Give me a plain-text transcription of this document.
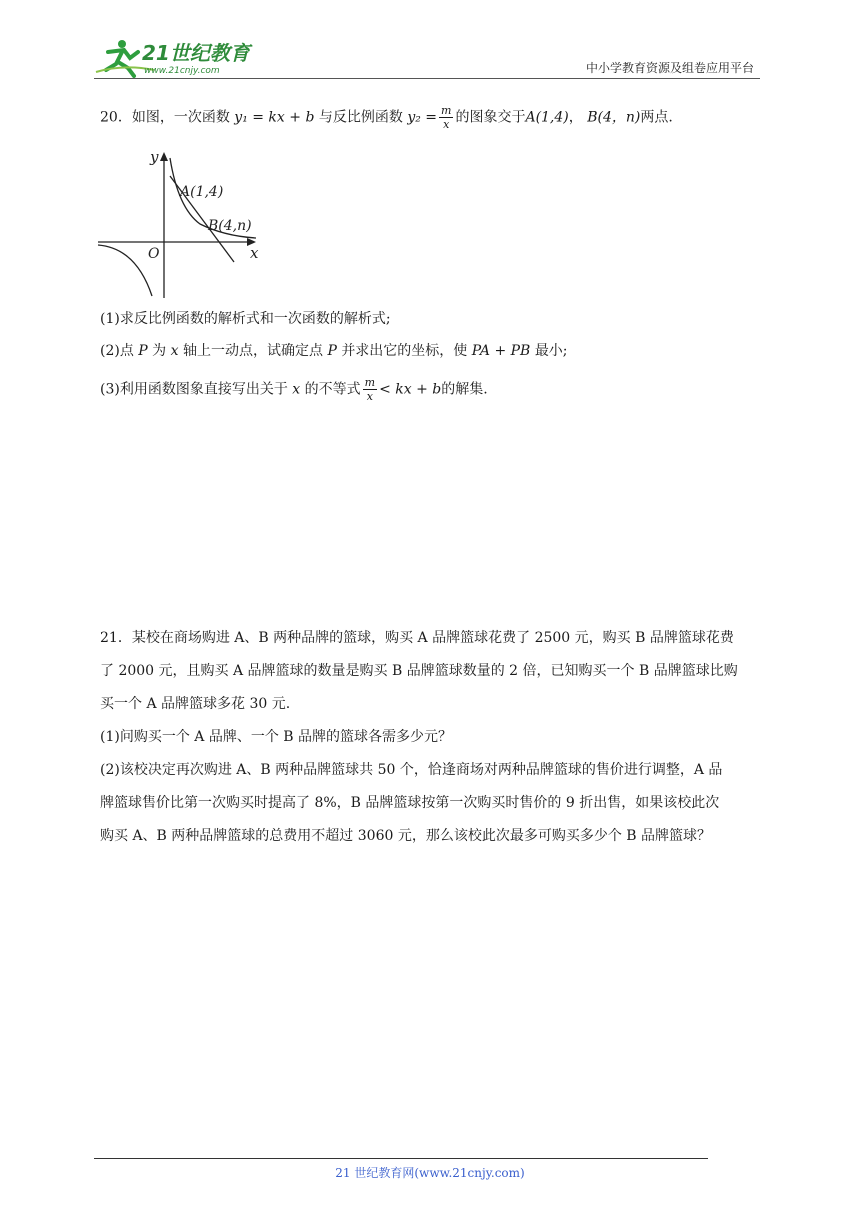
21世纪教育
www.21cnjy.com	中小学教育资源及组卷应用平台
20．如图，一次函数 y₁ = kx + b 与反比例函数 $y_2 = \frac{m}{x}$ 的图象交于A(1,4)， B(4，n)两点.
y
x
O
A(1,4)
B(4,n)
(1)求反比例函数的解析式和一次函数的解析式;
(2)点 P 为 x 轴上一动点，试确定点 P 并求出它的坐标，使 PA + PB 最小;
(3)利用函数图象直接写出关于 x 的不等式 $\frac{m}{x}$ < kx + b的解集.

21．某校在商场购进 A、B 两种品牌的篮球，购买 A 品牌篮球花费了 2500 元，购买 B 品牌篮球花费

了 2000 元，且购买 A 品牌篮球的数量是购买 B 品牌篮球数量的 2 倍，已知购买一个 B 品牌篮球比购

买一个 A 品牌篮球多花 30 元.

(1)问购买一个 A 品牌、一个 B 品牌的篮球各需多少元？

(2)该校决定再次购进 A、B 两种品牌篮球共 50 个，恰逢商场对两种品牌篮球的售价进行调整，A 品

牌篮球售价比第一次购买时提高了 8%，B 品牌篮球按第一次购买时售价的 9 折出售，如果该校此次

购买 A、B 两种品牌篮球的总费用不超过 3060 元，那么该校此次最多可购买多少个 B 品牌篮球？

21 世纪教育网(www.21cnjy.com)
